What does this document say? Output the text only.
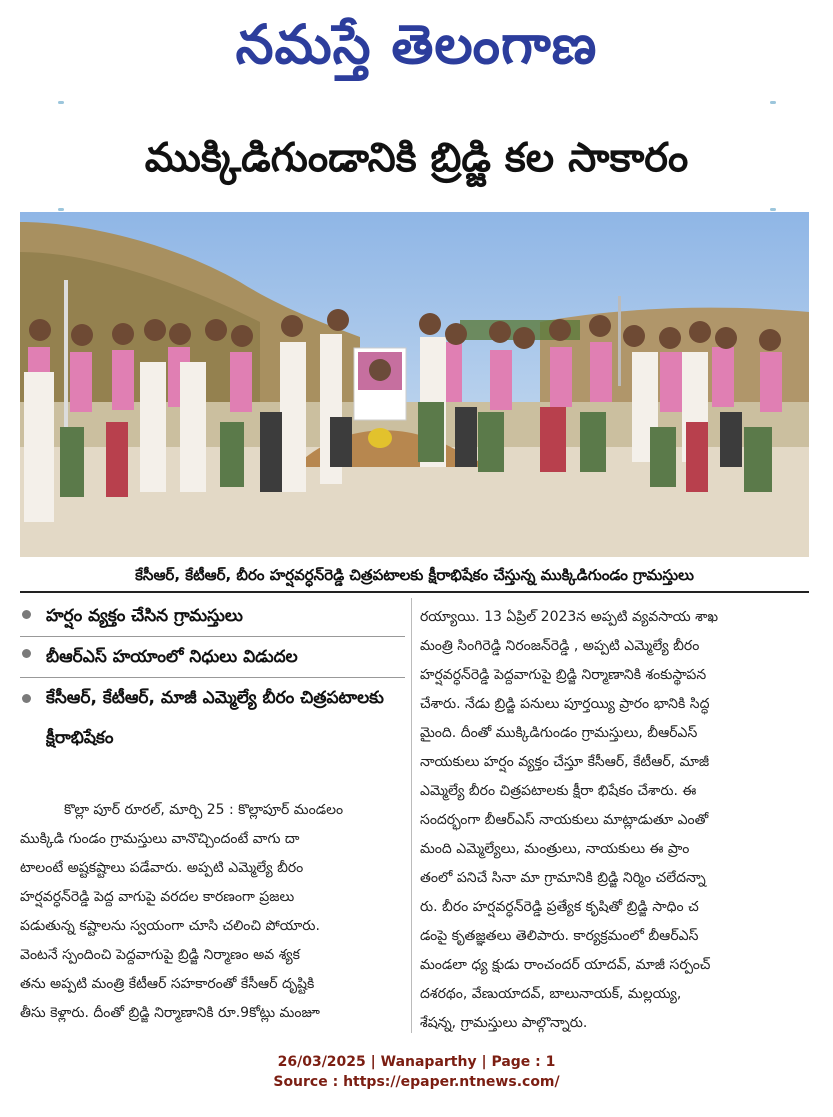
నమస్తే తెలంగాణ
ముక్కిడిగుండానికి బ్రిడ్జి కల సాకారం
కేసీఆర్, కేటీఆర్, బీరం హర్షవర్ధన్‌రెడ్డి చిత్రపటాలకు క్షీరాభిషేకం చేస్తున్న ముక్కిడిగుండం గ్రామస్తులు
హర్షం వ్యక్తం చేసిన గ్రామస్తులు
బీఆర్‌ఎస్ హయాంలో నిధులు విడుదల
కేసీఆర్, కేటీఆర్, మాజీ ఎమ్మెల్యే బీరం చిత్రపటాలకు క్షీరాభిషేకం
కొల్లా పూర్ రూరల్, మార్చి 25 : కొల్లాపూర్ మండలం
ముక్కిడి గుండం గ్రామస్తులు వానొచ్చిందంటే వాగు దా
టాలంటే అష్టకష్టాలు పడేవారు. అప్పటి ఎమ్మెల్యే బీరం
హర్షవర్ధన్‌రెడ్డి పెద్ద వాగుపై వరదల కారణంగా ప్రజలు
పడుతున్న కష్టాలను స్వయంగా చూసి చలించి పోయారు.
వెంటనే స్పందించి పెద్దవాగుపై బ్రిడ్జి నిర్మాణం అవ శ్యక
తను అప్పటి మంత్రి కేటీఆర్ సహకారంతో కేసీఆర్ దృష్టికి
తీసు కెళ్లారు. దీంతో బ్రిడ్జి నిర్మాణానికి రూ.9కోట్లు మంజూ
రయ్యాయి. 13 ఏప్రిల్ 2023న అప్పటి వ్యవసాయ శాఖ
మంత్రి సింగిరెడ్డి నిరంజన్‌రెడ్డి , అప్పటి ఎమ్మెల్యే బీరం
హర్షవర్ధన్‌రెడ్డి పెద్దవాగుపై బ్రిడ్జి నిర్మాణానికి శంకుస్థాపన
చేశారు. నేడు బ్రిడ్జి పనులు పూర్తయ్యి ప్రారం భానికి సిద్ధ
మైంది. దీంతో ముక్కిడిగుండం గ్రామస్తులు, బీఆర్‌ఎస్
నాయకులు హర్షం వ్యక్తం చేస్తూ కేసీఆర్, కేటీఆర్, మాజీ
ఎమ్మెల్యే బీరం చిత్రపటాలకు క్షీరా భిషేకం చేశారు. ఈ
సందర్భంగా బీఆర్‌ఎస్ నాయకులు మాట్లాడుతూ ఎంతో
మంది ఎమ్మెల్యేలు, మంత్రులు, నాయకులు ఈ ప్రాం
తంలో పనిచే సినా మా గ్రామానికి బ్రిడ్జి నిర్మిం చలేదన్నా
రు. బీరం హర్షవర్ధన్‌రెడ్డి ప్రత్యేక కృషితో బ్రిడ్జి సాధిం చ
డంపై కృతజ్ఞతలు తెలిపారు. కార్యక్రమంలో బీఆర్‌ఎస్
మండలా ధ్య క్షుడు రాంచందర్ యాదవ్, మాజీ సర్పంచ్
దశరథం, వేణుయాదవ్, బాలునాయక్, మల్లయ్య,
శేషన్న, గ్రామస్తులు పాల్గొన్నారు.
26/03/2025 | Wanaparthy | Page : 1
Source : https://epaper.ntnews.com/
